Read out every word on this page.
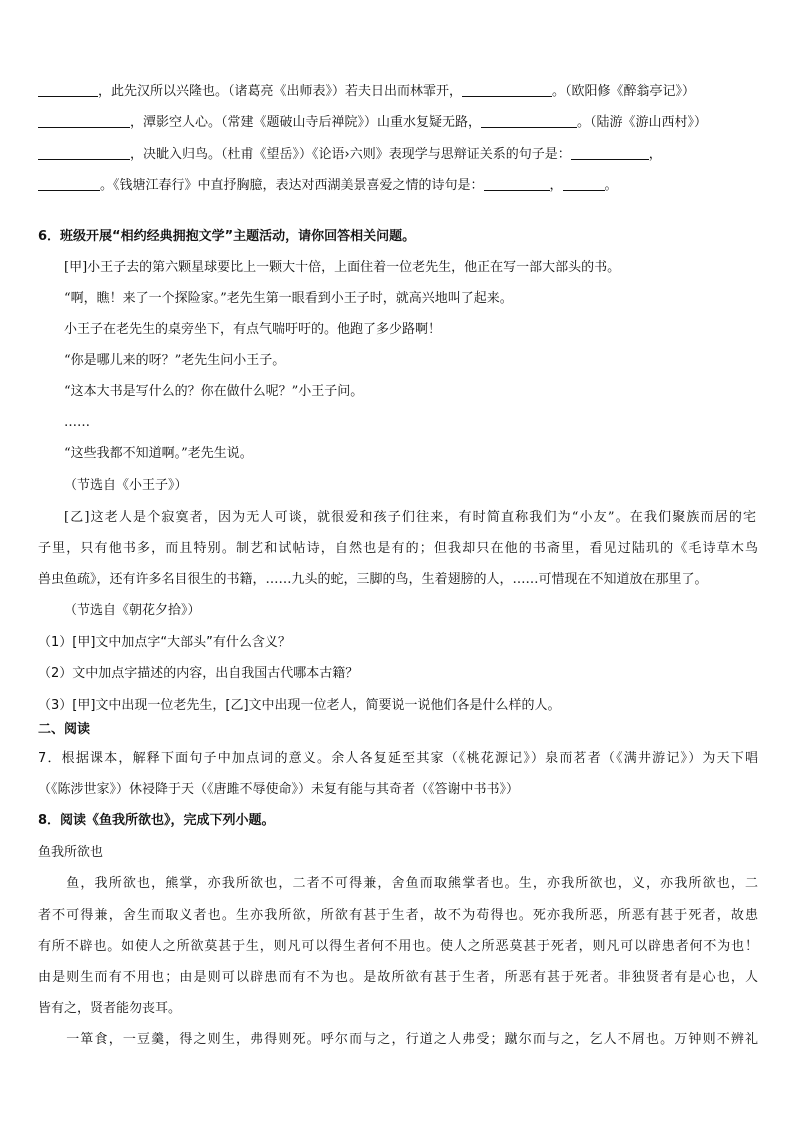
，此先汉所以兴隆也。（诸葛亮《出师表》）若夫日出而林霏开，	。（欧阳修《醉翁亭记》）
，潭影空人心。（常建《题破山寺后禅院》）山重水复疑无路，	。（陆游《游山西村》）
，决眦入归鸟。（杜甫《望岳》）《论语›六则》表现学与思辩证关系的句子是：	，
。《钱塘江春行》中直抒胸臆，表达对西湖美景喜爱之情的诗句是：	，	。
6．班级开展“相约经典拥抱文学”主题活动，请你回答相关问题。
[甲]小王子去的第六颗星球要比上一颗大十倍，上面住着一位老先生，他正在写一部大部头的书。
“啊，瞧！来了一个探险家。”老先生第一眼看到小王子时，就高兴地叫了起来。
小王子在老先生的桌旁坐下，有点气喘吁吁的。他跑了多少路啊！
“你是哪儿来的呀？”老先生问小王子。
“这本大书是写什么的？你在做什么呢？”小王子问。
……
“这些我都不知道啊。”老先生说。
（节选自《小王子》）
[乙]这老人是个寂寞者，因为无人可谈，就很爱和孩子们往来，有时简直称我们为“小友”。在我们聚族而居的宅
子里，只有他书多，而且特别。制艺和试帖诗，自然也是有的；但我却只在他的书斋里，看见过陆玑的《毛诗草木鸟
兽虫鱼疏》，还有许多名目很生的书籍，……九头的蛇，三脚的鸟，生着翅膀的人，……可惜现在不知道放在那里了。
（节选自《朝花夕拾》）
（1）[甲]文中加点字“大部头”有什么含义？
（2）文中加点字描述的内容，出自我国古代哪本古籍？
（3）[甲]文中出现一位老先生，[乙]文中出现一位老人，简要说一说他们各是什么样的人。
二、阅读
7．根据课本，解释下面句子中加点词的意义。余人各复延至其家（《桃花源记》）泉而茗者（《满井游记》）为天下唱
（《陈涉世家》）休祲降于天（《唐雎不辱使命》）未复有能与其奇者（《答谢中书书》）
8．阅读《鱼我所欲也》，完成下列小题。
鱼我所欲也
　　鱼，我所欲也，熊掌，亦我所欲也，二者不可得兼，舍鱼而取熊掌者也。生，亦我所欲也，义，亦我所欲也，二
者不可得兼，舍生而取义者也。生亦我所欲，所欲有甚于生者，故不为苟得也。死亦我所恶，所恶有甚于死者，故患
有所不辟也。如使人之所欲莫甚于生，则凡可以得生者何不用也。使人之所恶莫甚于死者，则凡可以辟患者何不为也！
由是则生而有不用也；由是则可以辟患而有不为也。是故所欲有甚于生者，所恶有甚于死者。非独贤者有是心也，人
皆有之，贤者能勿丧耳。
　　一箪食，一豆羹，得之则生，弗得则死。呼尔而与之，行道之人弗受；蹴尔而与之，乞人不屑也。万钟则不辨礼
